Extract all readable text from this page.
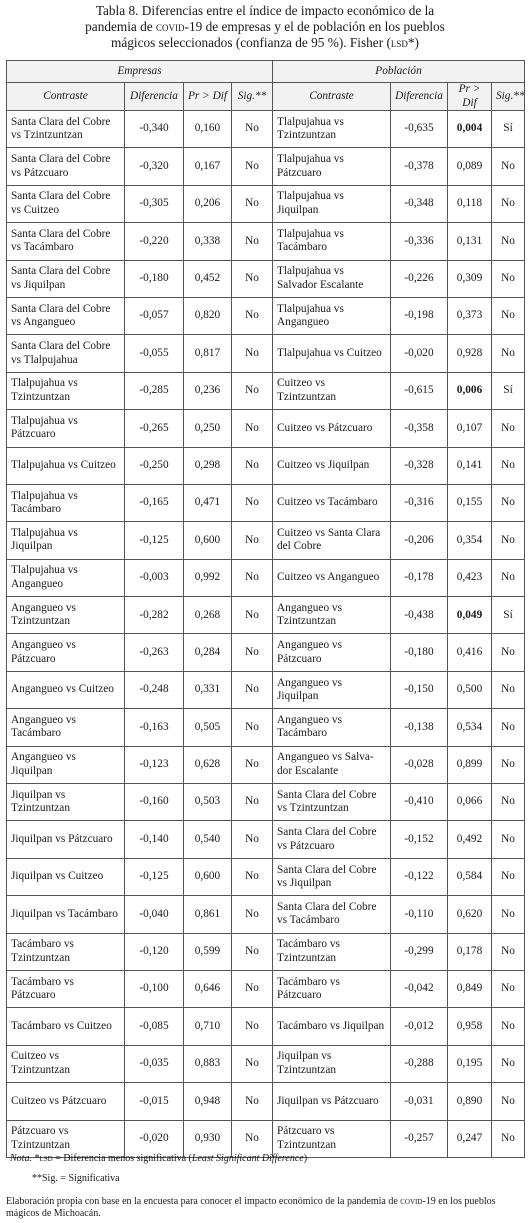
Tabla 8. Diferencias entre el índice de impacto económico de la
pandemia de covid-19 de empresas y el de población en los pueblos
mágicos seleccionados (confianza de 95 %). Fisher (lsd*)
Empresas				Población			
Contraste	Diferencia	Pr > Dif	Sig.**	Contraste	Diferencia	Pr > Dif	Sig.**
Santa Clara del Cobre vs Tzintzuntzan	-0,340	0,160	No	Tlalpujahua vs Tzintzuntzan	-0,635	0,004	Sí
Santa Clara del Cobre vs Pátzcuaro	-0,320	0,167	No	Tlalpujahua vs Pátzcuaro	-0,378	0,089	No
Santa Clara del Cobre vs Cuitzeo	-0,305	0,206	No	Tlalpujahua vs Jiquilpan	-0,348	0,118	No
Santa Clara del Cobre vs Tacámbaro	-0,220	0,338	No	Tlalpujahua vs Tacámbaro	-0,336	0,131	No
Santa Clara del Cobre vs Jiquilpan	-0,180	0,452	No	Tlalpujahua vs Salvador Escalante	-0,226	0,309	No
Santa Clara del Cobre vs Angangueo	-0,057	0,820	No	Tlalpujahua vs Angangueo	-0,198	0,373	No
Santa Clara del Cobre vs Tlalpujahua	-0,055	0,817	No	Tlalpujahua vs Cuitzeo	-0,020	0,928	No
Tlalpujahua vs Tzintzuntzan	-0,285	0,236	No	Cuitzeo vs Tzintzuntzan	-0,615	0,006	Sí
Tlalpujahua vs Pátzcuaro	-0,265	0,250	No	Cuitzeo vs Pátzcuaro	-0,358	0,107	No
Tlalpujahua vs Cuitzeo	-0,250	0,298	No	Cuitzeo vs Jiquilpan	-0,328	0,141	No
Tlalpujahua vs Tacámbaro	-0,165	0,471	No	Cuitzeo vs Tacámbaro	-0,316	0,155	No
Tlalpujahua vs Jiquilpan	-0,125	0,600	No	Cuitzeo vs Santa Clara del Cobre	-0,206	0,354	No
Tlalpujahua vs Angangueo	-0,003	0,992	No	Cuitzeo vs Angangueo	-0,178	0,423	No
Angangueo vs Tzintzuntzan	-0,282	0,268	No	Angangueo vs Tzintzuntzan	-0,438	0,049	Sí
Angangueo vs Pátzcuaro	-0,263	0,284	No	Angangueo vs Pátzcuaro	-0,180	0,416	No
Angangueo vs Cuitzeo	-0,248	0,331	No	Angangueo vs Jiquilpan	-0,150	0,500	No
Angangueo vs Tacámbaro	-0,163	0,505	No	Angangueo vs Tacámbaro	-0,138	0,534	No
Angangueo vs Jiquilpan	-0,123	0,628	No	Angangueo vs Salva-dor Escalante	-0,028	0,899	No
Jiquilpan vs Tzintzuntzan	-0,160	0,503	No	Santa Clara del Cobre vs Tzintzuntzan	-0,410	0,066	No
Jiquilpan vs Pátzcuaro	-0,140	0,540	No	Santa Clara del Cobre vs Pátzcuaro	-0,152	0,492	No
Jiquilpan vs Cuitzeo	-0,125	0,600	No	Santa Clara del Cobre vs Jiquilpan	-0,122	0,584	No
Jiquilpan vs Tacámbaro	-0,040	0,861	No	Santa Clara del Cobre vs Tacámbaro	-0,110	0,620	No
Tacámbaro vs Tzintzuntzan	-0,120	0,599	No	Tacámbaro vs Tzintzuntzan	-0,299	0,178	No
Tacámbaro vs Pátzcuaro	-0,100	0,646	No	Tacámbaro vs Pátzcuaro	-0,042	0,849	No
Tacámbaro vs Cuitzeo	-0,085	0,710	No	Tacámbaro vs Jiquilpan	-0,012	0,958	No
Cuitzeo vs Tzintzuntzan	-0,035	0,883	No	Jiquilpan vs Tzintzuntzan	-0,288	0,195	No
Cuitzeo vs Pátzcuaro	-0,015	0,948	No	Jiquilpan vs Pátzcuaro	-0,031	0,890	No
Pátzcuaro vs Tzintzuntzan	-0,020	0,930	No	Pátzcuaro vs Tzintzuntzan	-0,257	0,247	No
Nota. *lsd = Diferencia menos significativa (Least Significant Difference)
**Sig. = Significativa
Elaboración propia con base en la encuesta para conocer el impacto económico de la pandemia de covid-19 en los pueblos mágicos de Michoacán.
